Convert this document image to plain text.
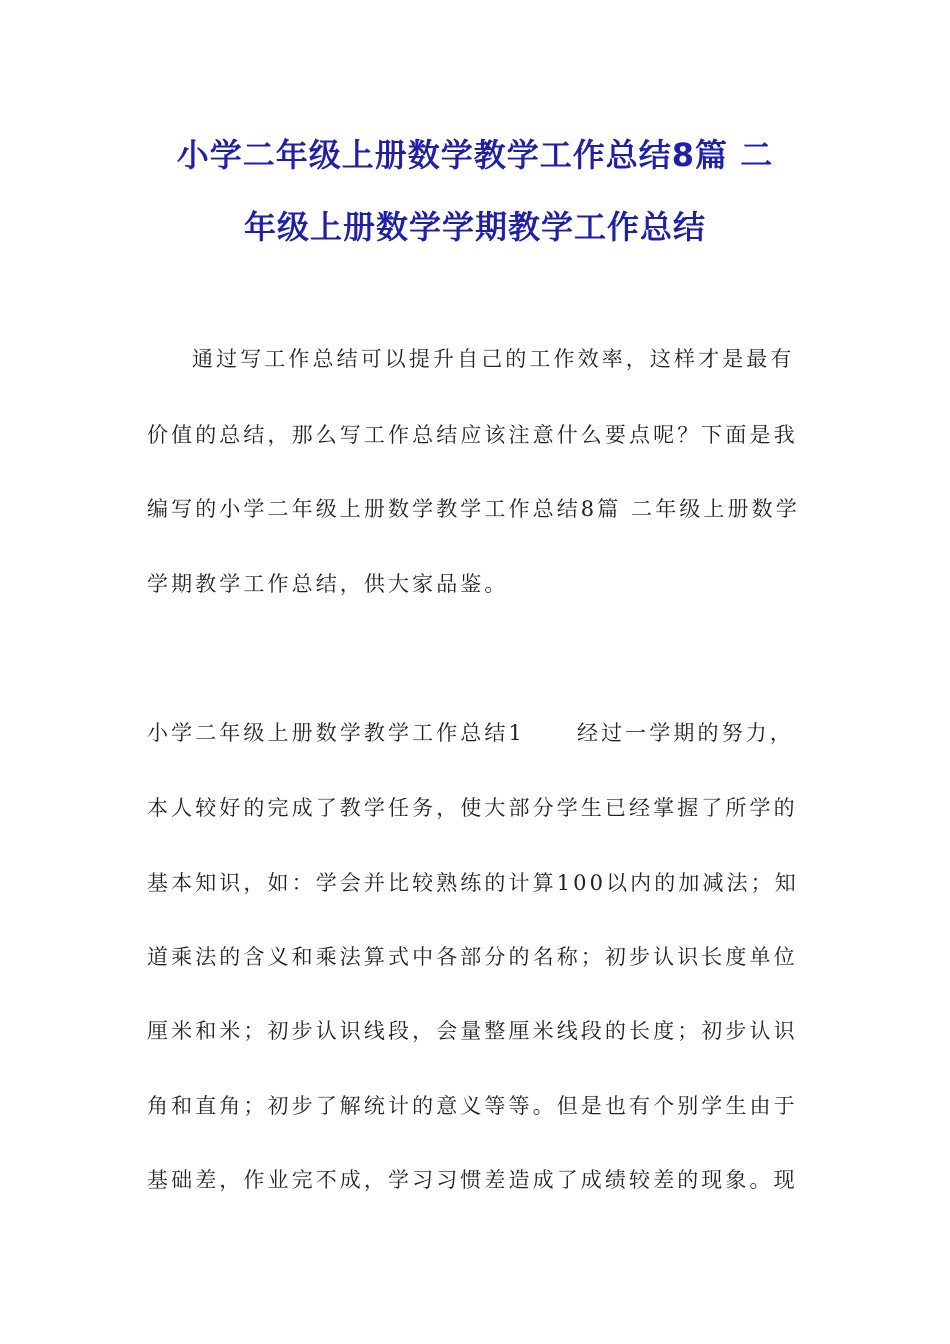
小学二年级上册数学教学工作总结8篇 二
年级上册数学学期教学工作总结

通过写工作总结可以提升自己的工作效率，这样才是最有

价值的总结，那么写工作总结应该注意什么要点呢？下面是我

编写的小学二年级上册数学教学工作总结8篇 二年级上册数学

学期教学工作总结，供大家品鉴。

小学二年级上册数学教学工作总结1 经过一学期的努力，

本人较好的完成了教学任务，使大部分学生已经掌握了所学的

基本知识，如：学会并比较熟练的计算100以内的加减法；知

道乘法的含义和乘法算式中各部分的名称；初步认识长度单位

厘米和米；初步认识线段，会量整厘米线段的长度；初步认识

角和直角；初步了解统计的意义等等。但是也有个别学生由于

基础差，作业完不成，学习习惯差造成了成绩较差的现象。现
